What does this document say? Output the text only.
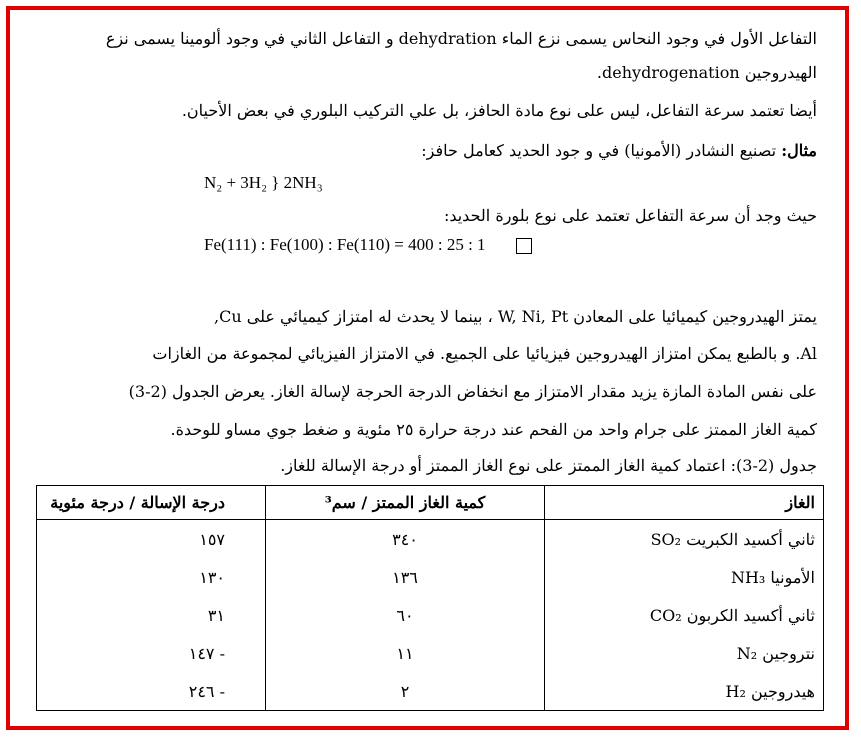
التفاعل الأول في وجود النحاس يسمى نزع الماء dehydration و التفاعل الثاني في وجود ألومينا يسمى نزع
الهيدروجين dehydrogenation.
أيضا تعتمد سرعة التفاعل، ليس على نوع مادة الحافز، بل علي التركيب البلوري في بعض الأحيان.
مثال: تصنيع النشادر (الأمونيا) في و جود الحديد كعامل حافز:
N₂ + 3H₂ } 2NH₃
حيث وجد أن سرعة التفاعل تعتمد على نوع بلورة الحديد:
Fe(111) : Fe(100) : Fe(110) = 400 : 25 : 1
يمتز الهيدروجين كيميائيا على المعادن W, Ni, Pt ، بينما لا يحدث له امتزاز كيميائي على Cu,
Al. و بالطبع يمكن امتزاز الهيدروجين فيزيائيا على الجميع. في الامتزاز الفيزيائي لمجموعة من الغازات
على نفس المادة المازة يزيد مقدار الامتزاز مع انخفاض الدرجة الحرجة لإسالة الغاز. يعرض الجدول (2-3)
كمية الغاز الممتز على جرام واحد من الفحم عند درجة حرارة ٢٥ مئوية و ضغط جوي مساو للوحدة.
جدول (2-3): اعتماد كمية الغاز الممتز على نوع الغاز الممتز أو درجة الإسالة للغاز.
الغاز	كمية الغاز الممتز / سم³	درجة الإسالة / درجة مئوية
ثاني أكسيد الكبريت SO₂	٣٤٠	١٥٧
الأمونيا NH₃	١٣٦	١٣٠
ثاني أكسيد الكربون CO₂	٦٠	٣١
نتروجين N₂	١١	- ١٤٧
هيدروجين H₂	٢	- ٢٤٦
